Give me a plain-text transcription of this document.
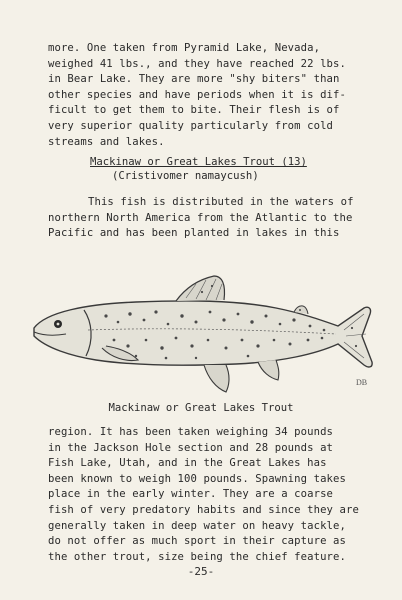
more. One taken from Pyramid Lake, Nevada,
weighed 41 lbs., and they have reached 22 lbs.
in Bear Lake. They are more "shy biters" than
other species and have periods when it is dif-
ficult to get them to bite. Their flesh is of
very superior quality particularly from cold
streams and lakes.

Mackinaw or Great Lakes Trout (13)
(Cristivomer namaycush)

This fish is distributed in the waters of
northern North America from the Atlantic to the
Pacific and has been planted in lakes in this

DB
Mackinaw or Great Lakes Trout

region. It has been taken weighing 34 pounds
in the Jackson Hole section and 28 pounds at
Fish Lake, Utah, and in the Great Lakes has
been known to weigh 100 pounds. Spawning takes
place in the early winter. They are a coarse
fish of very predatory habits and since they are
generally taken in deep water on heavy tackle,
do not offer as much sport in their capture as
the other trout, size being the chief feature.

-25-
